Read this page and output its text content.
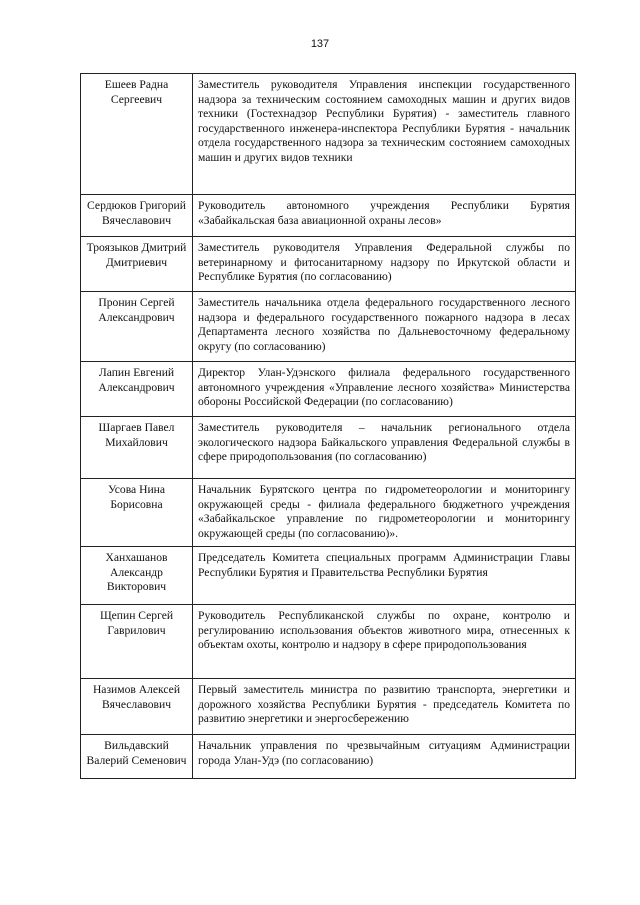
137
Ешеев Радна
Сергеевич
Заместитель руководителя Управления инспекции государственного надзора за техническим состоянием самоходных машин и других видов техники (Гостехнадзор Республики Бурятия) - заместитель главного государственного инженера-инспектора Республики Бурятия - начальник отдела государственного надзора за техническим состоянием самоходных машин и других видов техники
Сердюков Григорий Вячеславович
Руководитель автономного учреждения Республики Бурятия «Забайкальская база авиационной охраны лесов»
Троязыков Дмитрий Дмитриевич
Заместитель руководителя Управления Федеральной службы по ветеринарному и фитосанитарному надзору по Иркутской области и Республике Бурятия (по согласованию)
Пронин Сергей
Александрович
Заместитель начальника отдела федерального государственного лесного надзора и федерального государственного пожарного надзора в лесах Департамента лесного хозяйства по Дальневосточному федеральному округу (по согласованию)
Лапин Евгений
Александрович
Директор Улан-Удэнского филиала федерального государственного автономного учреждения «Управление лесного хозяйства» Министерства обороны Российской Федерации (по согласованию)
Шаргаев Павел
Михайлович
Заместитель руководителя – начальник регионального отдела экологического надзора Байкальского управления Федеральной службы в сфере природопользования (по согласованию)
Усова Нина Борисовна
Начальник Бурятского центра по гидрометеорологии и мониторингу окружающей среды - филиала федерального бюджетного учреждения «Забайкальское управление по гидрометеорологии и мониторингу окружающей среды (по согласованию)».
Ханхашанов
Александр Викторович
Председатель Комитета специальных программ Администрации Главы Республики Бурятия и Правительства Республики Бурятия
Щепин Сергей
Гаврилович
Руководитель Республиканской службы по охране, контролю и регулированию использования объектов животного мира, отнесенных к объектам охоты, контролю и надзору в сфере природопользования
Назимов Алексей
Вячеславович
Первый заместитель министра по развитию транспорта, энергетики и дорожного хозяйства Республики Бурятия - председатель Комитета по развитию энергетики и энергосбережению
Вильдавский Валерий Семенович
Начальник управления по чрезвычайным ситуациям Администрации города Улан-Удэ (по согласованию)
